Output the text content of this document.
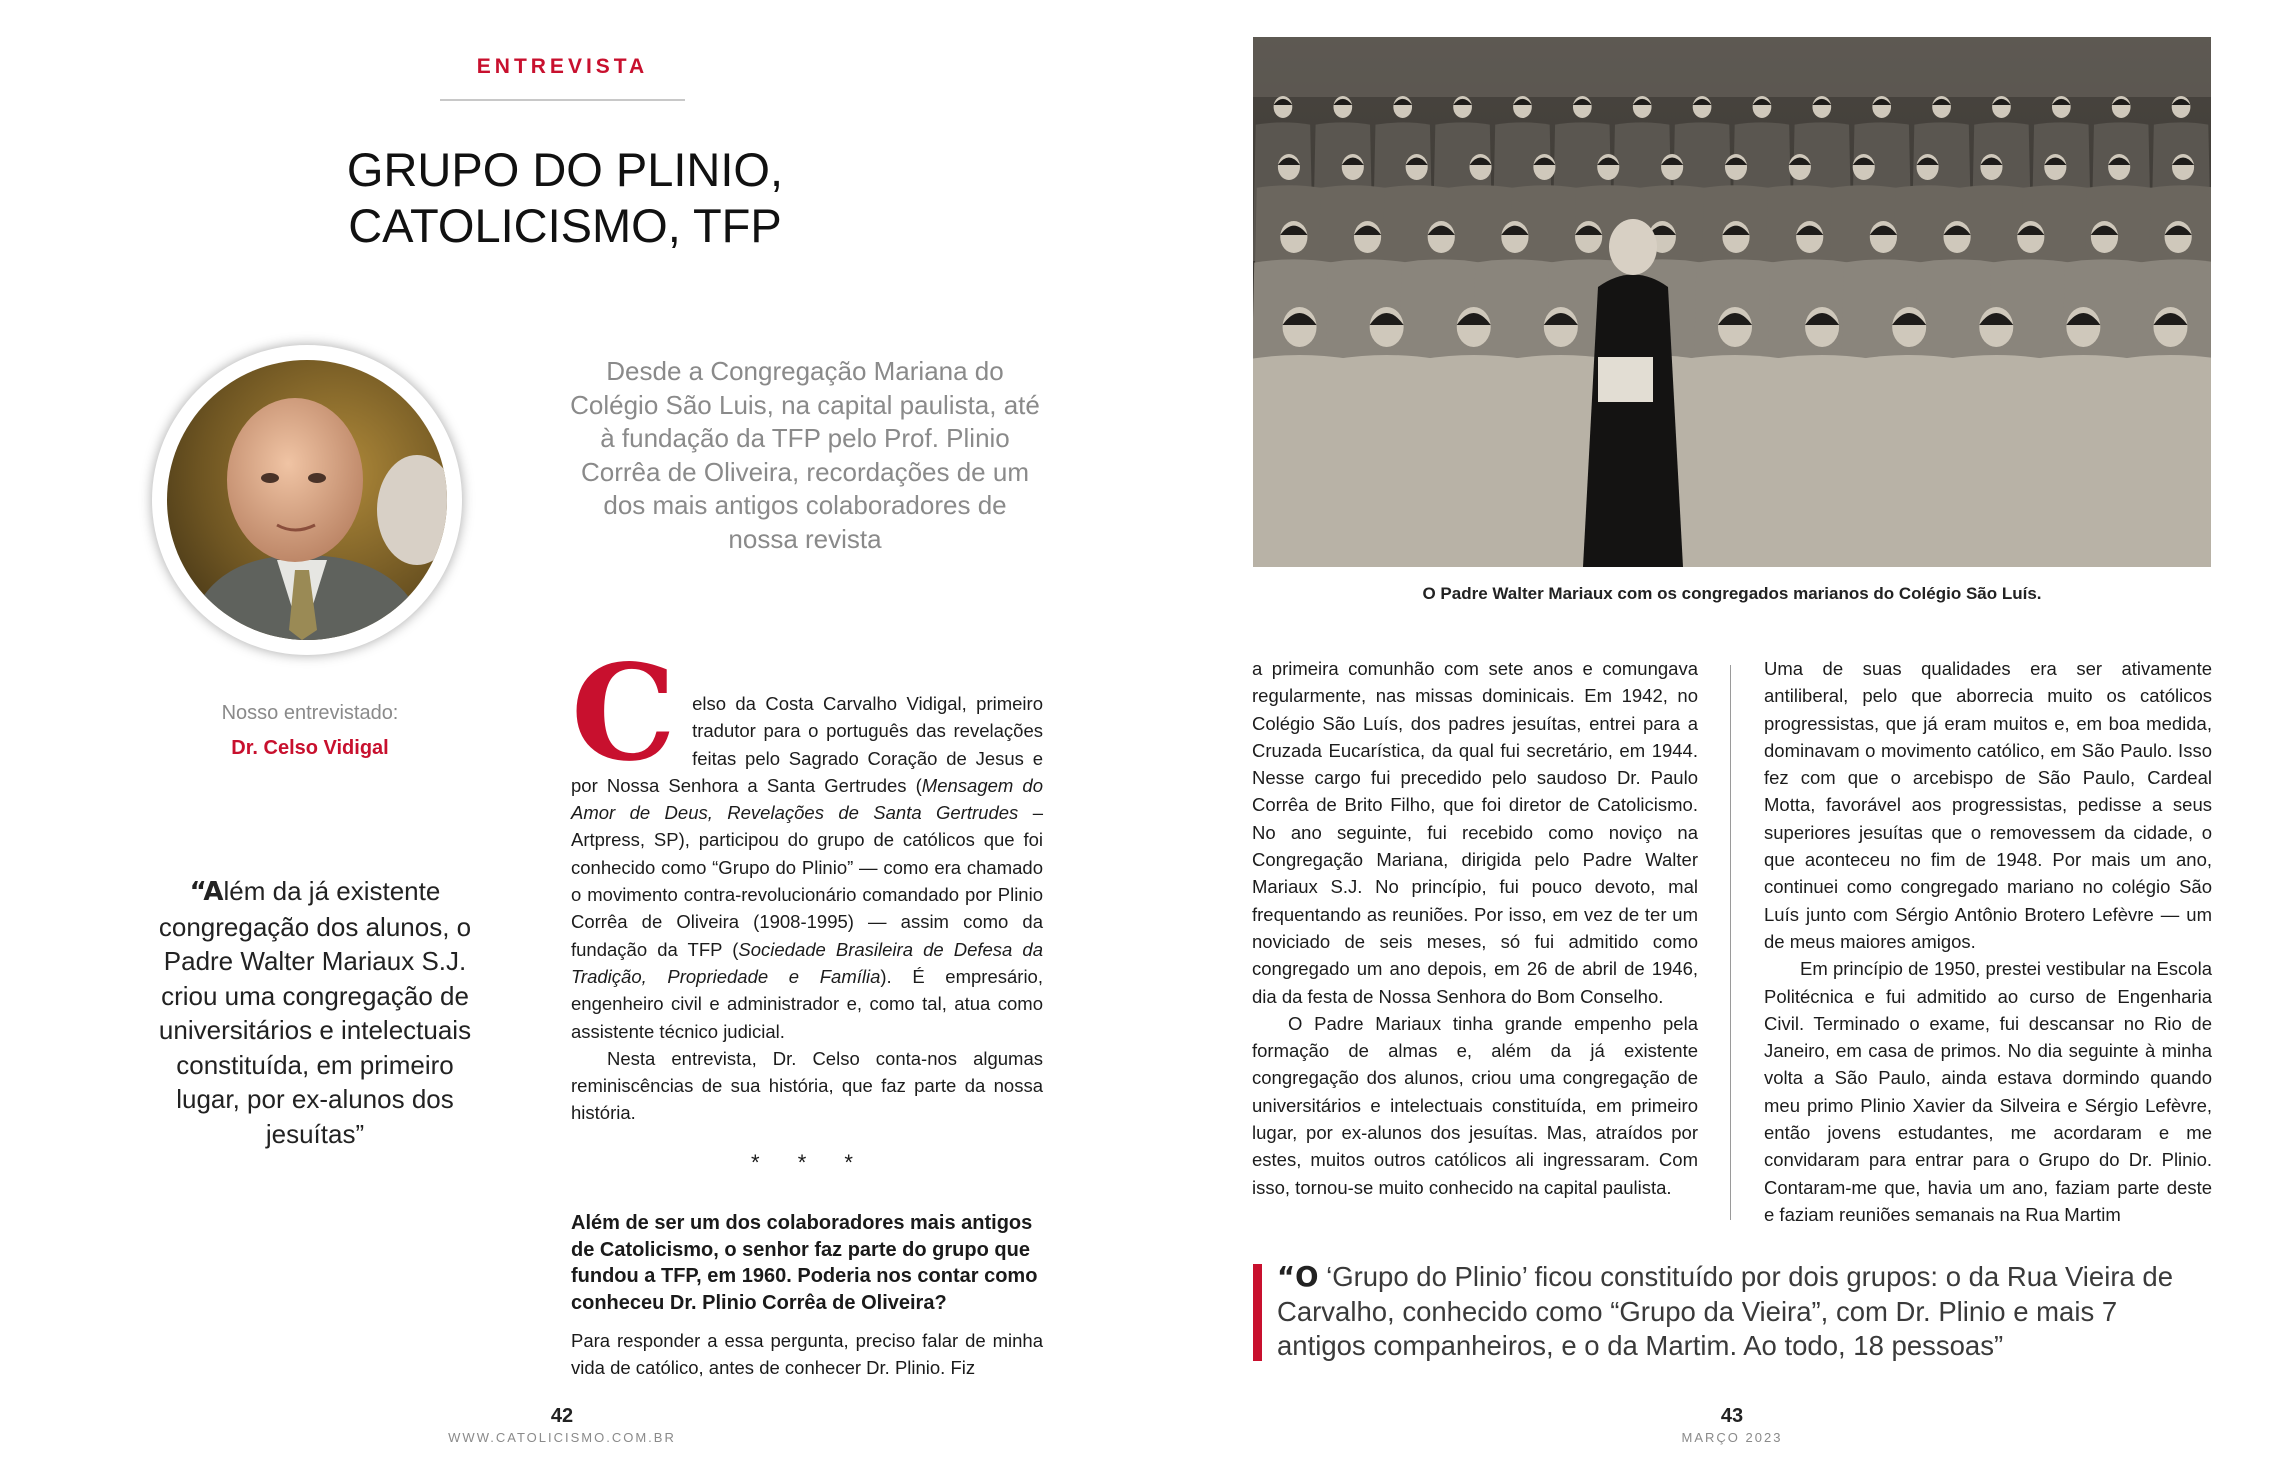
ENTREVISTA
GRUPO DO PLINIO, CATOLICISMO, TFP
Desde a Congregação Mariana do Colégio São Luis, na capital paulista, até à fundação da TFP pelo Prof. Plinio Corrêa de Oliveira, recordações de um dos mais antigos colaboradores de nossa revista
Nosso entrevistado:
Dr. Celso Vidigal
“Além da já existente congregação dos alunos, o Padre Walter Mariaux S.J. criou uma congregação de universitários e intelectuais constituída, em primeiro lugar, por ex-alunos dos jesuítas”

C elso da Costa Carvalho Vidigal, primeiro tradutor para o português das revelações feitas pelo Sagrado Coração de Jesus e por Nossa Senhora a Santa Gertrudes (Mensagem do Amor de Deus, Revelações de Santa Gertrudes – Artpress, SP), participou do grupo de católicos que foi conhecido como “Grupo do Plinio” — como era chamado o movimento contra-revolucionário comandado por Plinio Corrêa de Oliveira (1908-1995) — assim como da fundação da TFP (Sociedade Brasileira de Defesa da Tradição, Propriedade e Família). É empresário, engenheiro civil e administrador e, como tal, atua como assistente técnico judicial.

Nesta entrevista, Dr. Celso conta-nos algumas reminiscências de sua história, que faz parte da nossa história.

* * *
Além de ser um dos colaboradores mais antigos de Catolicismo, o senhor faz parte do grupo que fundou a TFP, em 1960. Poderia nos contar como conheceu Dr. Plinio Corrêa de Oliveira?
Para responder a essa pergunta, preciso falar de minha vida de católico, antes de conhecer Dr. Plinio. Fiz
42
WWW.CATOLICISMO.COM.BR
O Padre Walter Mariaux com os congregados marianos do Colégio São Luís.

a primeira comunhão com sete anos e comungava regularmente, nas missas dominicais. Em 1942, no Colégio São Luís, dos padres jesuítas, entrei para a Cruzada Eucarística, da qual fui secretário, em 1944. Nesse cargo fui precedido pelo saudoso Dr. Paulo Corrêa de Brito Filho, que foi diretor de Catolicismo. No ano seguinte, fui recebido como noviço na Congregação Mariana, dirigida pelo Padre Walter Mariaux S.J. No princípio, fui pouco devoto, mal frequentando as reuniões. Por isso, em vez de ter um noviciado de seis meses, só fui admitido como congregado um ano depois, em 26 de abril de 1946, dia da festa de Nossa Senhora do Bom Conselho.

O Padre Mariaux tinha grande empenho pela formação de almas e, além da já existente congregação dos alunos, criou uma congregação de universitários e intelectuais constituída, em primeiro lugar, por ex-alunos dos jesuítas. Mas, atraídos por estes, muitos outros católicos ali ingressaram. Com isso, tornou-se muito conhecido na capital paulista.

Uma de suas qualidades era ser ativamente antiliberal, pelo que aborrecia muito os católicos progressistas, que já eram muitos e, em boa medida, dominavam o movimento católico, em São Paulo. Isso fez com que o arcebispo de São Paulo, Cardeal Motta, favorável aos progressistas, pedisse a seus superiores jesuítas que o removessem da cidade, o que aconteceu no fim de 1948. Por mais um ano, continuei como congregado mariano no colégio São Luís junto com Sérgio Antônio Brotero Lefèvre — um de meus maiores amigos.

Em princípio de 1950, prestei vestibular na Escola Politécnica e fui admitido ao curso de Engenharia Civil. Terminado o exame, fui descansar no Rio de Janeiro, em casa de primos. No dia seguinte à minha volta a São Paulo, ainda estava dormindo quando meu primo Plinio Xavier da Silveira e Sérgio Lefèvre, então jovens estudantes, me acordaram e me convidaram para entrar para o Grupo do Dr. Plinio. Contaram-me que, havia um ano, faziam parte deste e faziam reuniões semanais na Rua Martim

“O ‘Grupo do Plinio’ ficou constituído por dois grupos: o da Rua Vieira de Carvalho, conhecido como “Grupo da Vieira”, com Dr. Plinio e mais 7 antigos companheiros, e o da Martim. Ao todo, 18 pessoas”
43
MARÇO 2023
